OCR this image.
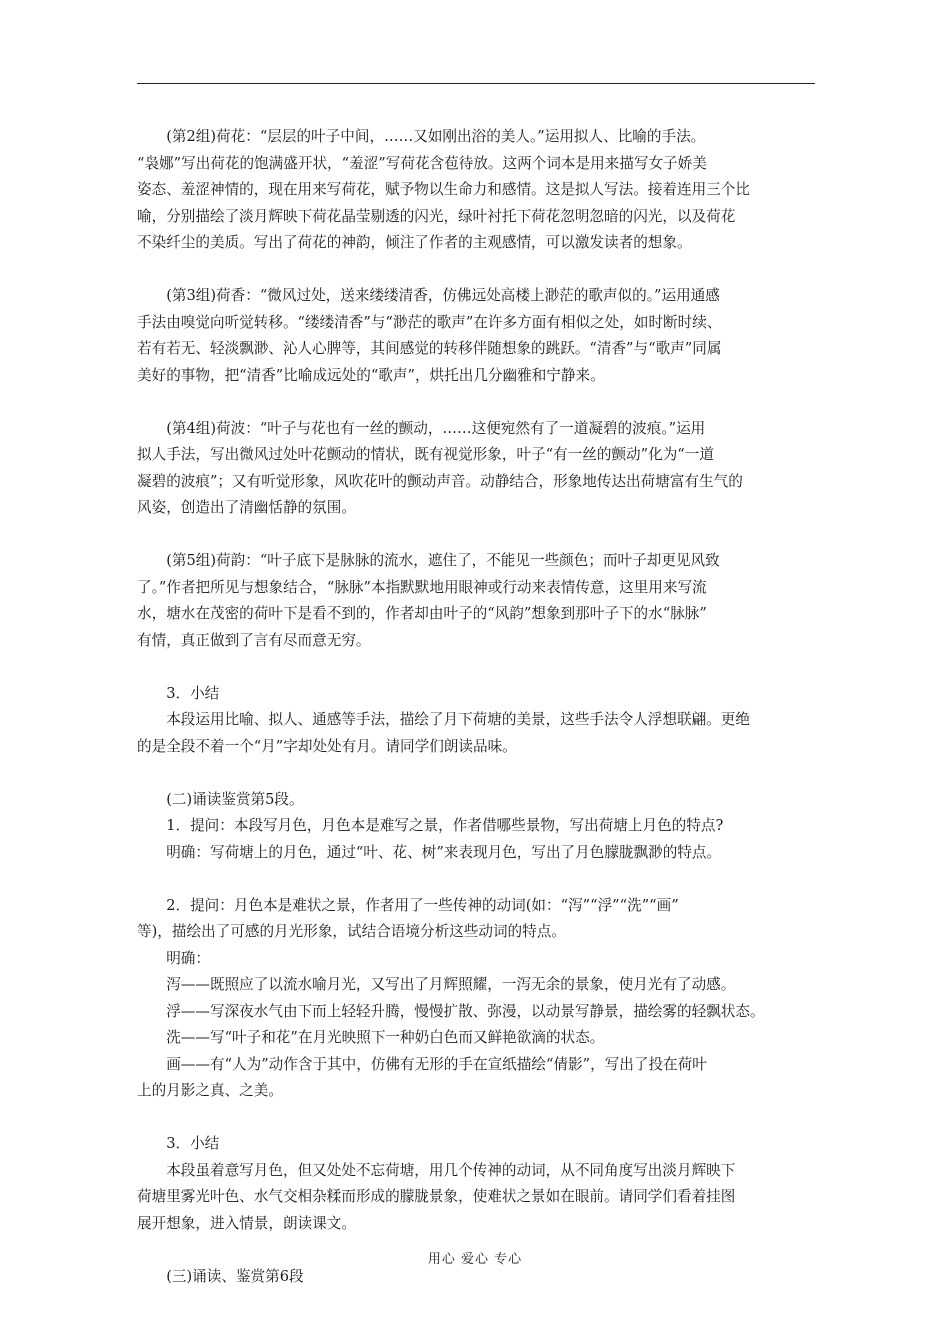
(第2组)荷花：“层层的叶子中间，……又如刚出浴的美人。”运用拟人、比喻的手法。

“袅娜”写出荷花的饱满盛开状，“羞涩”写荷花含苞待放。这两个词本是用来描写女子娇美

姿态、羞涩神情的，现在用来写荷花，赋予物以生命力和感情。这是拟人写法。接着连用三个比

喻，分别描绘了淡月辉映下荷花晶莹剔透的闪光，绿叶衬托下荷花忽明忽暗的闪光，以及荷花

不染纤尘的美质。写出了荷花的神韵，倾注了作者的主观感情，可以激发读者的想象。

(第3组)荷香：“微风过处，送来缕缕清香，仿佛远处高楼上渺茫的歌声似的。”运用通感

手法由嗅觉向听觉转移。“缕缕清香”与“渺茫的歌声”在许多方面有相似之处，如时断时续、

若有若无、轻淡飘渺、沁人心脾等，其间感觉的转移伴随想象的跳跃。“清香”与“歌声”同属

美好的事物，把“清香”比喻成远处的“歌声”，烘托出几分幽雅和宁静来。

(第4组)荷波：“叶子与花也有一丝的颤动，……这便宛然有了一道凝碧的波痕。”运用

拟人手法，写出微风过处叶花颤动的情状，既有视觉形象，叶子“有一丝的颤动”化为“一道

凝碧的波痕”；又有听觉形象，风吹花叶的颤动声音。动静结合，形象地传达出荷塘富有生气的

风姿，创造出了清幽恬静的氛围。

(第5组)荷韵：“叶子底下是脉脉的流水，遮住了，不能见一些颜色；而叶子却更见风致

了。”作者把所见与想象结合，“脉脉”本指默默地用眼神或行动来表情传意，这里用来写流

水，塘水在茂密的荷叶下是看不到的，作者却由叶子的“风韵”想象到那叶子下的水“脉脉”

有情，真正做到了言有尽而意无穷。

3．小结

本段运用比喻、拟人、通感等手法，描绘了月下荷塘的美景，这些手法令人浮想联翩。更绝

的是全段不着一个“月”字却处处有月。请同学们朗读品味。

(二)诵读鉴赏第5段。

1．提问：本段写月色，月色本是难写之景，作者借哪些景物，写出荷塘上月色的特点?

明确：写荷塘上的月色，通过“叶、花、树”来表现月色，写出了月色朦胧飘渺的特点。

2．提问：月色本是难状之景，作者用了一些传神的动词(如：“泻”“浮”“洗”“画”

等)，描绘出了可感的月光形象，试结合语境分析这些动词的特点。

明确：

泻——既照应了以流水喻月光，又写出了月辉照耀，一泻无余的景象，使月光有了动感。

浮——写深夜水气由下而上轻轻升腾，慢慢扩散、弥漫，以动景写静景，描绘雾的轻飘状态。

洗——写“叶子和花”在月光映照下一种奶白色而又鲜艳欲滴的状态。

画——有“人为”动作含于其中，仿佛有无形的手在宣纸描绘“倩影”，写出了投在荷叶

上的月影之真、之美。

3．小结

本段虽着意写月色，但又处处不忘荷塘，用几个传神的动词，从不同角度写出淡月辉映下

荷塘里雾光叶色、水气交相杂糅而形成的朦胧景象，使难状之景如在眼前。请同学们看着挂图

展开想象，进入情景，朗读课文。

(三)诵读、鉴赏第6段

用心 爱心 专心
